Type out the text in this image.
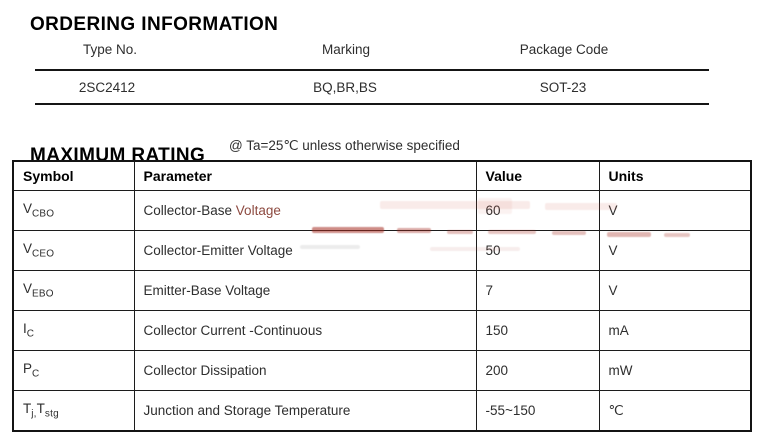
ORDERING INFORMATION
Type No.	Marking	Package Code
2SC2412	BQ,BR,BS	SOT-23
MAXIMUM RATING @ Ta=25℃ unless otherwise specified
Symbol	Parameter	Value	Units
$V_{CBO}$	Collector-Base Voltage	60	V
$V_{CEO}$	Collector-Emitter Voltage	50	V
$V_{EBO}$	Emitter-Base Voltage	7	V
$I_C$	Collector Current -Continuous	150	mA
$P_C$	Collector Dissipation	200	mW
$T_{j,}T_{stg}$	Junction and Storage Temperature	-55~150	℃
